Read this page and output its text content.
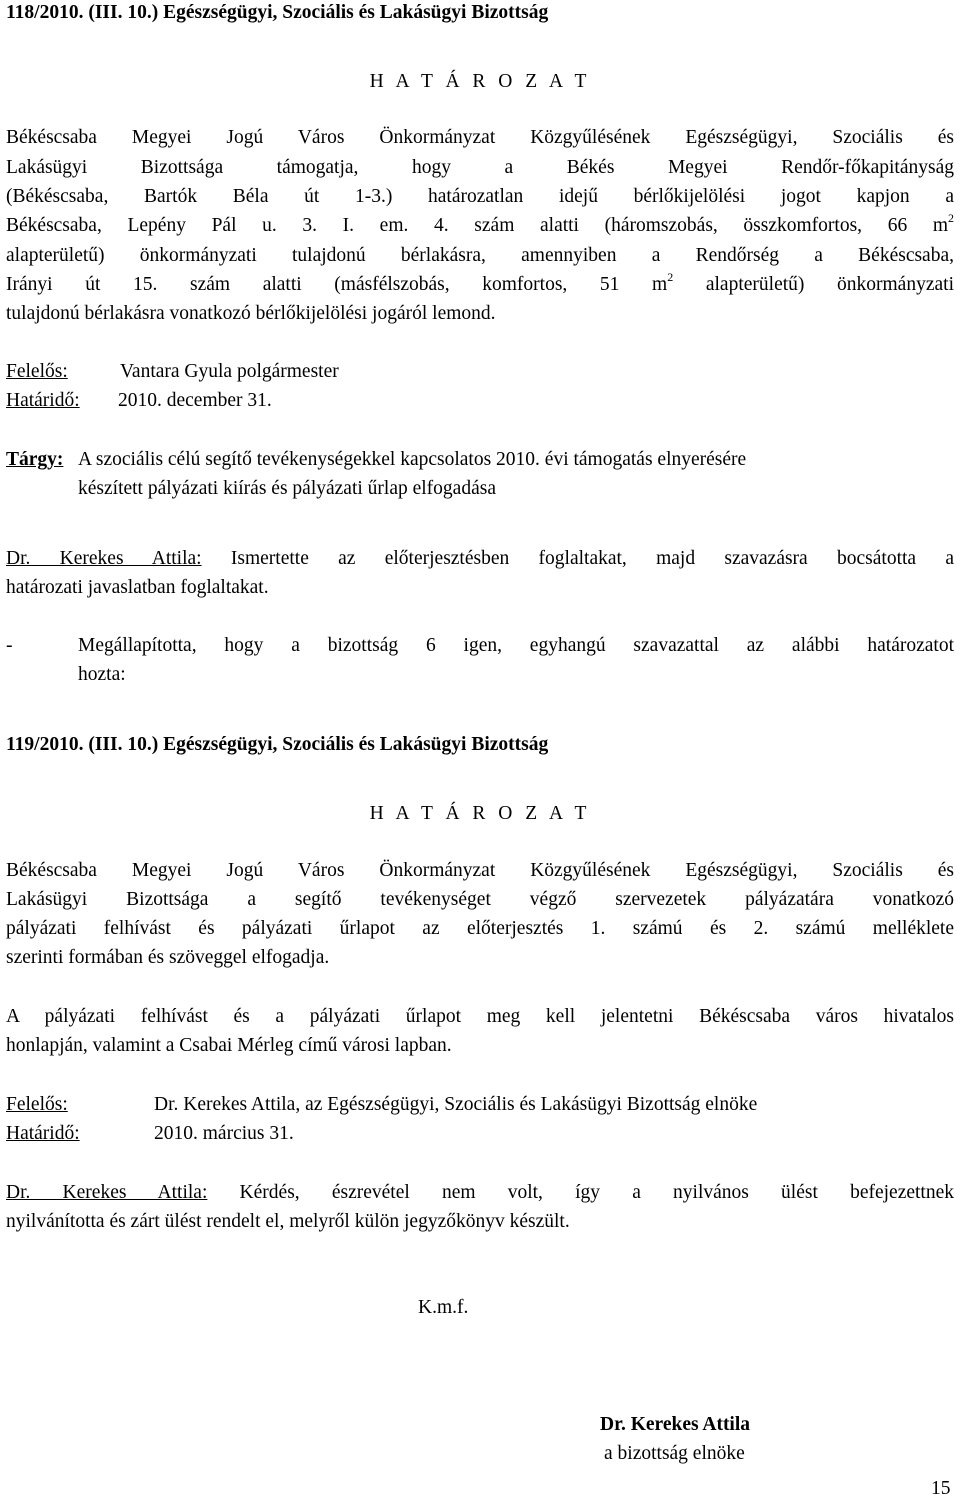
118/2010. (III. 10.) Egészségügyi, Szociális és Lakásügyi Bizottság
H A T Á R O Z A T
Békéscsaba Megyei Jogú Város Önkormányzat Közgyűlésének Egészségügyi, Szociális és
Lakásügyi Bizottsága támogatja, hogy a Békés Megyei Rendőr-főkapitányság
(Békéscsaba, Bartók Béla út 1-3.) határozatlan idejű bérlőkijelölési jogot kapjon a
Békéscsaba, Lepény Pál u. 3. I. em. 4. szám alatti (háromszobás, összkomfortos, 66 $m^2$
alapterületű) önkormányzati tulajdonú bérlakásra, amennyiben a Rendőrség a Békéscsaba,
Irányi út 15. szám alatti (másfélszobás, komfortos, 51 $m^2$ alapterületű) önkormányzati
tulajdonú bérlakásra vonatkozó bérlőkijelölési jogáról lemond.
Felelős:	Vantara Gyula polgármester
Határidő: 2010. december 31.
Tárgy: A szociális célú segítő tevékenységekkel kapcsolatos 2010. évi támogatás elnyerésére
készített pályázati kiírás és pályázati űrlap elfogadása
Dr. Kerekes Attila: Ismertette az előterjesztésben foglaltakat, majd szavazásra bocsátotta a
határozati javaslatban foglaltakat.
-	Megállapította, hogy a bizottság 6 igen, egyhangú szavazattal az alábbi határozatot
hozta:
119/2010. (III. 10.) Egészségügyi, Szociális és Lakásügyi Bizottság
H A T Á R O Z A T
Békéscsaba Megyei Jogú Város Önkormányzat Közgyűlésének Egészségügyi, Szociális és
Lakásügyi Bizottsága a segítő tevékenységet végző szervezetek pályázatára vonatkozó
pályázati felhívást és pályázati űrlapot az előterjesztés 1. számú és 2. számú melléklete
szerinti formában és szöveggel elfogadja.
A pályázati felhívást és a pályázati űrlapot meg kell jelentetni Békéscsaba város hivatalos
honlapján, valamint a Csabai Mérleg című városi lapban.
Felelős:	Dr. Kerekes Attila, az Egészségügyi, Szociális és Lakásügyi Bizottság elnöke
Határidő:	2010. március 31.
Dr. Kerekes Attila: Kérdés, észrevétel nem volt, így a nyilvános ülést befejezettnek
nyilvánította és zárt ülést rendelt el, melyről külön jegyzőkönyv készült.
K.m.f.
Dr. Kerekes Attila
a bizottság elnöke
15
